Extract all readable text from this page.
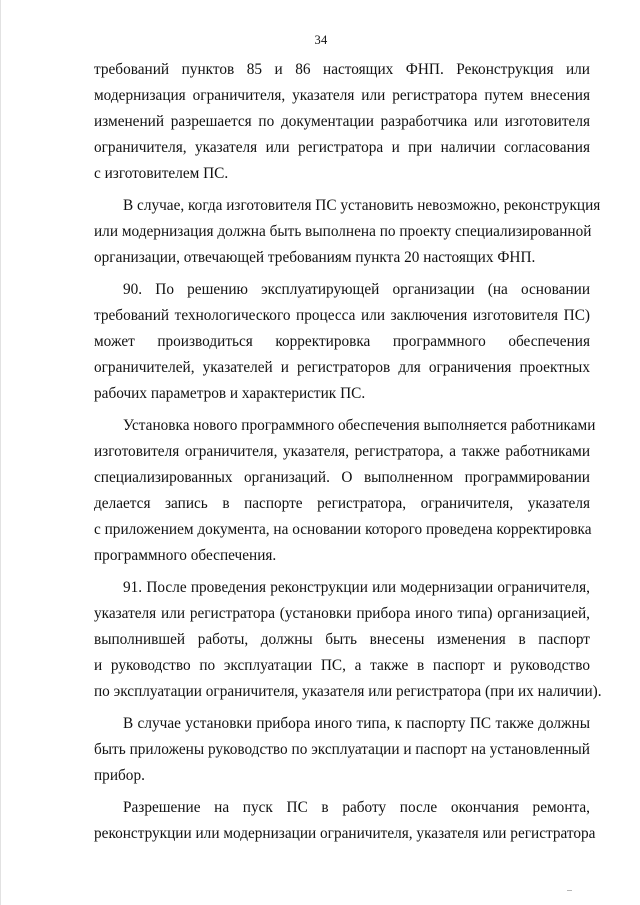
34

требований пунктов 85 и 86 настоящих ФНП. Реконструкция или
модернизация ограничителя, указателя или регистратора путем внесения
изменений разрешается по документации разработчика или изготовителя
ограничителя, указателя или регистратора и при наличии согласования
с изготовителем ПС.

В случае, когда изготовителя ПС установить невозможно, реконструкция
или модернизация должна быть выполнена по проекту специализированной
организации, отвечающей требованиям пункта 20 настоящих ФНП.

90. По решению эксплуатирующей организации (на основании
требований технологического процесса или заключения изготовителя ПС)
может производиться корректировка программного обеспечения
ограничителей, указателей и регистраторов для ограничения проектных
рабочих параметров и характеристик ПС.

Установка нового программного обеспечения выполняется работниками
изготовителя ограничителя, указателя, регистратора, а также работниками
специализированных организаций. О выполненном программировании
делается запись в паспорте регистратора, ограничителя, указателя
с приложением документа, на основании которого проведена корректировка
программного обеспечения.

91. После проведения реконструкции или модернизации ограничителя,
указателя или регистратора (установки прибора иного типа) организацией,
выполнившей работы, должны быть внесены изменения в паспорт
и руководство по эксплуатации ПС, а также в паспорт и руководство
по эксплуатации ограничителя, указателя или регистратора (при их наличии).

В случае установки прибора иного типа, к паспорту ПС также должны
быть приложены руководство по эксплуатации и паспорт на установленный
прибор.

Разрешение на пуск ПС в работу после окончания ремонта,
реконструкции или модернизации ограничителя, указателя или регистратора
